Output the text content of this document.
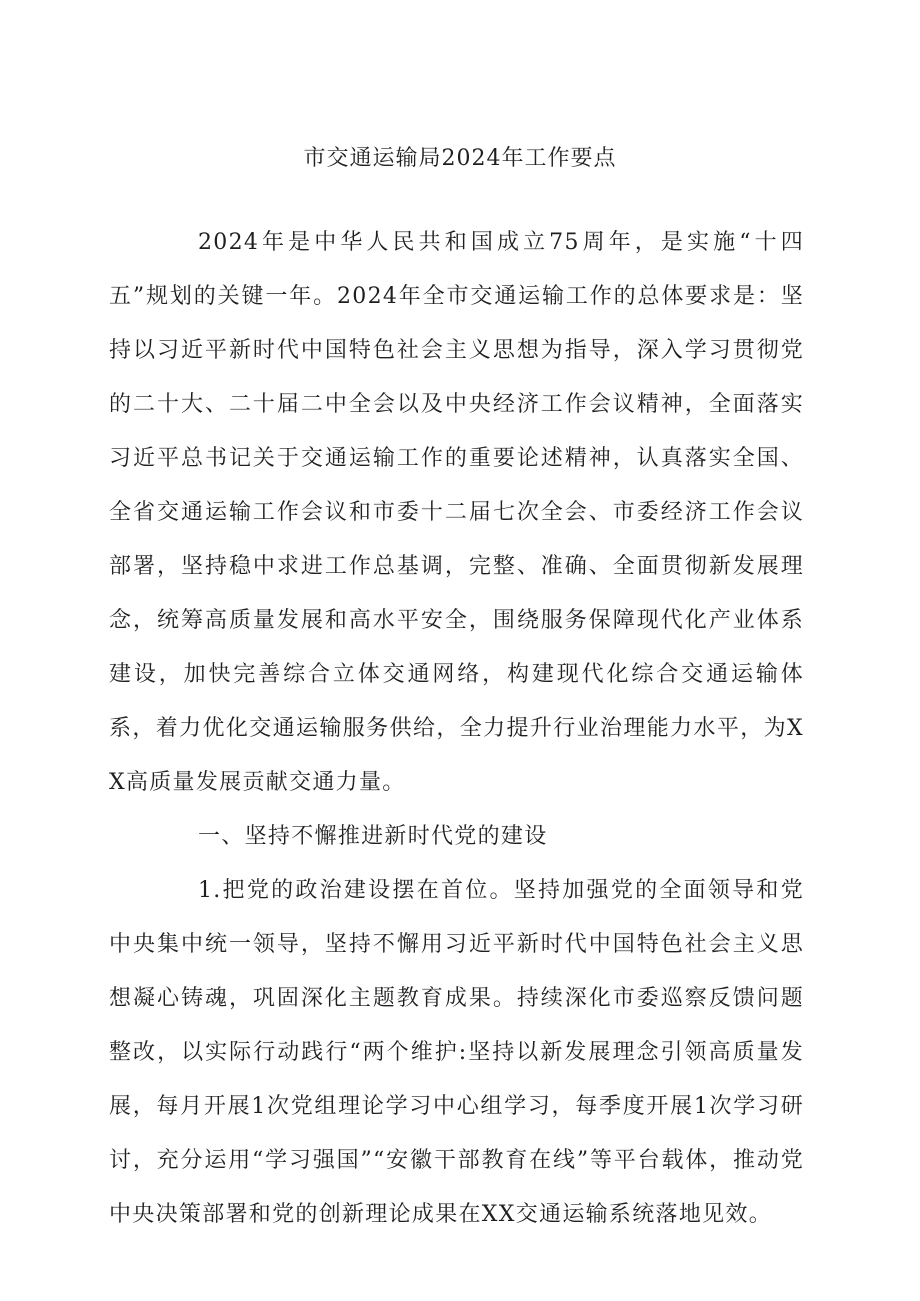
市交通运输局2024年工作要点

2024年是中华人民共和国成立75周年，是实施“十四五”规划的关键一年。2024年全市交通运输工作的总体要求是：坚持以习近平新时代中国特色社会主义思想为指导，深入学习贯彻党的二十大、二十届二中全会以及中央经济工作会议精神，全面落实习近平总书记关于交通运输工作的重要论述精神，认真落实全国、全省交通运输工作会议和市委十二届七次全会、市委经济工作会议部署，坚持稳中求进工作总基调，完整、准确、全面贯彻新发展理念，统筹高质量发展和高水平安全，围绕服务保障现代化产业体系建设，加快完善综合立体交通网络，构建现代化综合交通运输体系，着力优化交通运输服务供给，全力提升行业治理能力水平，为XX高质量发展贡献交通力量。

一、坚持不懈推进新时代党的建设

1.把党的政治建设摆在首位。坚持加强党的全面领导和党中央集中统一领导，坚持不懈用习近平新时代中国特色社会主义思想凝心铸魂，巩固深化主题教育成果。持续深化市委巡察反馈问题整改，以实际行动践行“两个维护:坚持以新发展理念引领高质量发展，每月开展1次党组理论学习中心组学习，每季度开展1次学习研讨，充分运用“学习强国”“安徽干部教育在线”等平台载体，推动党中央决策部署和党的创新理论成果在XX交通运输系统落地见效。
